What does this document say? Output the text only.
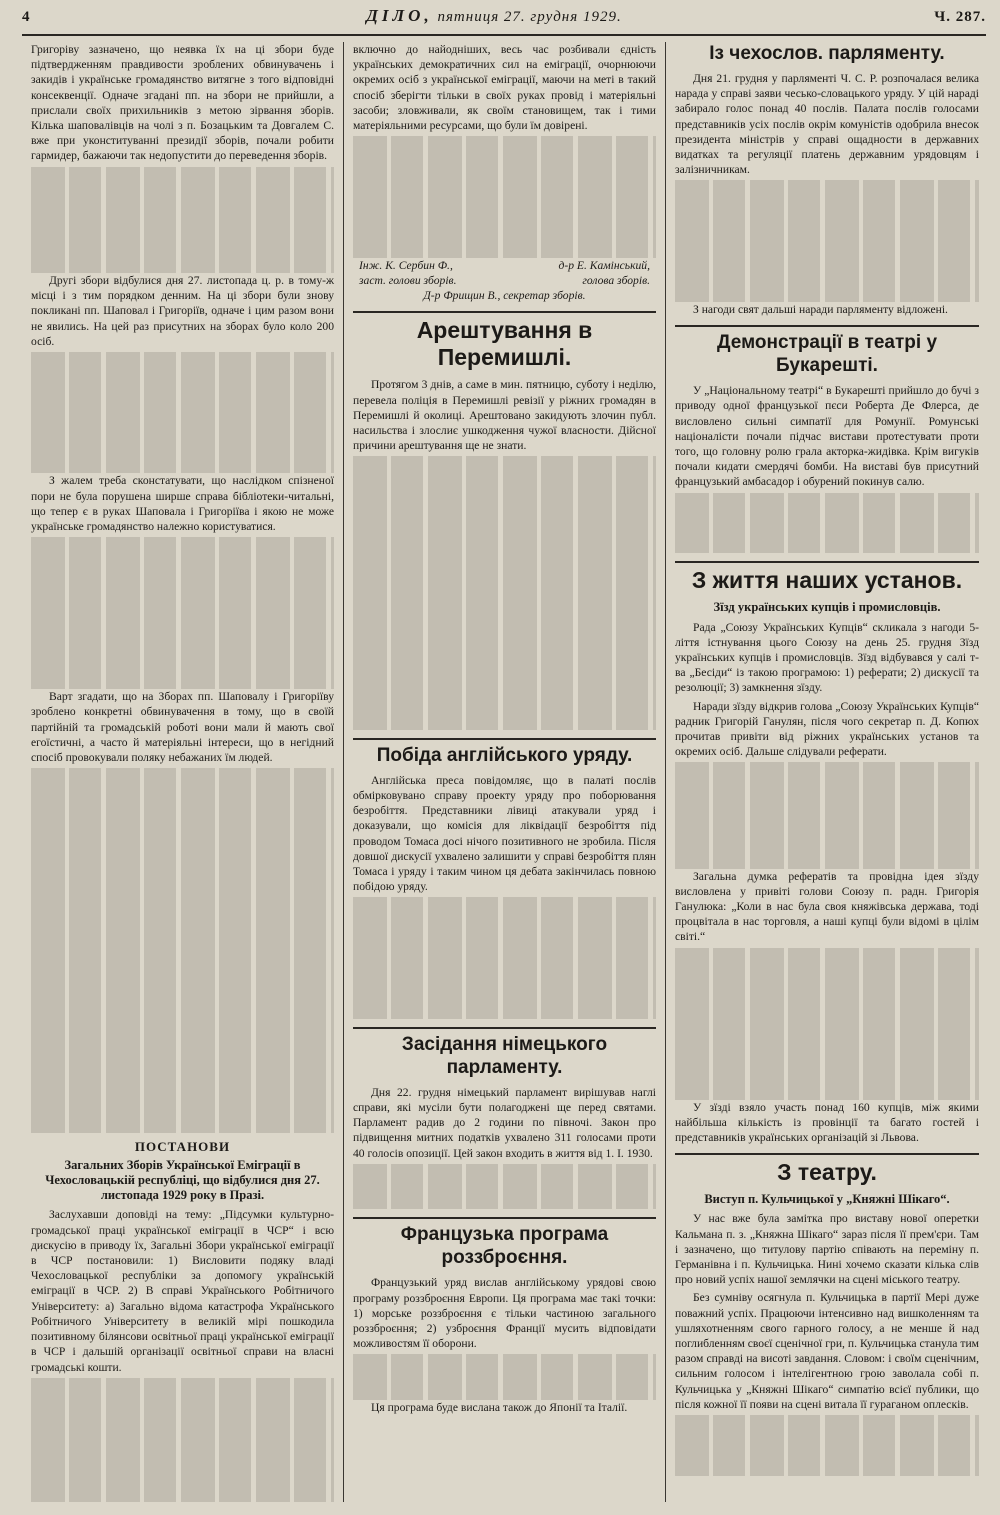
4	ДІЛО, пятниця 27. грудня 1929.	Ч. 287.

Григоріву зазначено, що неявка їх на ці збори буде підтвердженням правдивости зроблених обвинувачень і закидів і українське громадянство витягне з того відповідні консеквенції. Одначе згадані пп. на збори не прийшли, а прислали своїх прихильників з метою зірвання зборів. Кілька шаповалівців на чолі з п. Бозацьким та Довгалем С. вже при уконституванні президії зборів, почали робити гармидер, бажаючи так недопустити до переведення зборів.

Другі збори відбулися дня 27. листопада ц. р. в тому-ж місці і з тим порядком денним. На ці збори були знову покликані пп. Шаповал і Григоріїв, одначе і цим разом вони не явились. На цей раз присутних на зборах було коло 200 осіб.

З жалем треба сконстатувати, що наслідком спізненої пори не була порушена ширше справа бібліотеки-читальні, що тепер є в руках Шаповала і Григоріїва і якою не може українське громадянство належно користуватися.

Варт згадати, що на Зборах пп. Шаповалу і Григоріїву зроблено конкретні обвинувачення в тому, що в своїй партійній та громадській роботі вони мали й мають свої егоїстичні, а часто й матеріяльні інтереси, що в негідний спосіб провокували поляку небажаних їм людей.

ПОСТАНОВИ
Загальних Зборів Української Еміграції в Чехословацькій республіці, що відбулися дня 27. листопада 1929 року в Празі.

Заслухавши доповіді на тему: „Підсумки культурно-громадської праці української еміграції в ЧСР“ і всю дискусію в приводу їх, Загальні Збори української еміграції в ЧСР постановили: 1) Висловити подяку владі Чехословацької республіки за допомогу українській еміграції в ЧСР. 2) В справі Українського Робітничого Університету: а) Загально відома катастрофа Українського Робітничого Університету в великій мірі пошкодила позитивному білянсови освітньої праці української еміграції в ЧСР і дальшій організації освітньої справи на власні громадські кошти.

включно до найодніших, весь час розбивали єдність українських демократичних сил на еміграції, очорнюючи окремих осіб з української еміграції, маючи на меті в такий спосіб зберігти тільки в своїх руках провід і матеріяльні засоби; зловживали, як своїм становищем, так і тими матеріяльними ресурсами, що були їм довірені.

Інж. К. Сербин Ф.,	д-р Е. Камінський,
заст. голови зборів.	голова зборів.
Д-р Фрищин В., секретар зборів.
Арештування в Перемишлі.

Протягом 3 днів, а саме в мин. пятницю, суботу і неділю, перевела поліція в Перемишлі ревізії у ріжних громадян в Перемишлі й околиці. Арештовано закидують злочин публ. насильства і злослиє ушкодження чужої власности. Дійсної причини арештування ще не знати.

Побіда англійського уряду.

Англійська преса повідомляє, що в палаті послів обмірковувано справу проекту уряду про поборювання безробіття. Представники лівиці атакували уряд і доказували, що комісія для ліквідації безробіття під проводом Томаса досі нічого позитивного не зробила. Після довшої дискусії ухвалено залишити у справі безробіття плян Томаса і уряду і таким чином ця дебата закінчилась повною побідою уряду.

Засідання німецького парламенту.

Дня 22. грудня німецький парламент вирішував наглі справи, які мусіли бути полагоджені ще перед святами. Парламент радив до 2 години по півночі. Закон про підвищення митних податків ухвалено 311 голосами проти 40 голосів опозиції. Цей закон входить в життя від 1. I. 1930.

Французька програма роззброєння.

Французький уряд вислав англійському урядові свою програму роззброєння Европи. Ця програма має такі точки: 1) морське роззброєння є тільки частиною загального роззброєння; 2) узброєння Франції мусить відповідати можливостям її оборони.

Ця програма буде вислана також до Японії та Італії.

Із чехослов. парляменту.

Дня 21. грудня у парляменті Ч. С. Р. розпочалася велика нарада у справі заяви чесько-словацького уряду. У цій нараді забирало голос понад 40 послів. Палата послів голосами представників усіх послів окрім комуністів одобрила внесок президента міністрів у справі ощадности в державних видатках та регуляції платень державним урядовцям і залізничникам.

З нагоди свят дальші наради парляменту відложені.

Демонстрації в театрі у Букарешті.

У „Національному театрі“ в Букарешті прийшло до бучі з приводу одної французької пєси Роберта Де Флерса, де висловлено сильні симпатії для Ромунії. Ромунські націоналісти почали підчас вистави протестувати проти того, що головну ролю грала акторка-жидівка. Крім вигуків почали кидати смердячі бомби. На виставі був присутний французький амбасадор і обурений покинув салю.

З життя наших установ.
Зїзд українських купців і промисловців.

Рада „Союзу Українських Купців“ скликала з нагоди 5-ліття істнування цього Союзу на день 25. грудня Зїзд українських купців і промисловців. Зїзд відбувався у салі т-ва „Бесіди“ із такою програмою: 1) реферати; 2) дискусії та резолюції; 3) замкнення зїзду.

Наради зїзду відкрив голова „Союзу Українських Купців“ радник Григорій Ганулян, після чого секретар п. Д. Копюх прочитав привіти від ріжних українських установ та окремих осіб. Дальше слідували реферати.

Загальна думка рефератів та провідна ідея зїзду висловлена у привіті голови Союзу п. радн. Григорія Ганулюка: „Коли в нас була своя княжівська держава, тоді процвітала в нас торговля, а наші купці були відомі в цілім світі.“

У зїзді взяло участь понад 160 купців, між якими найбільша кількість із провінції та багато гостей і представників українських організацій зі Львова.

З театру.
Виступ п. Кульчицької у „Княжні Шікаго“.

У нас вже була замітка про виставу нової оперетки Кальмана п. з. „Княжна Шікаго“ зараз після її прем'єри. Там і зазначено, що титулову партію співають на переміну п. Германівна і п. Кульчицька. Нині хочемо сказати кілька слів про новий успіх нашої землячки на сцені міського театру.

Без сумніву осягнула п. Кульчицька в партії Мері дуже поважний успіх. Працюючи інтенсивно над вишколенням та ушляхотненням свого гарного голосу, а не менше й над поглибленням своєї сценічної гри, п. Кульчицька станула тим разом справді на висоті завдання. Словом: і своїм сценічним, сильним голосом і інтелігентною грою заволала собі п. Кульчицька у „Княжні Шікаго“ симпатію всієї публики, що після кожної її появи на сцені витала її гураганом оплесків.
